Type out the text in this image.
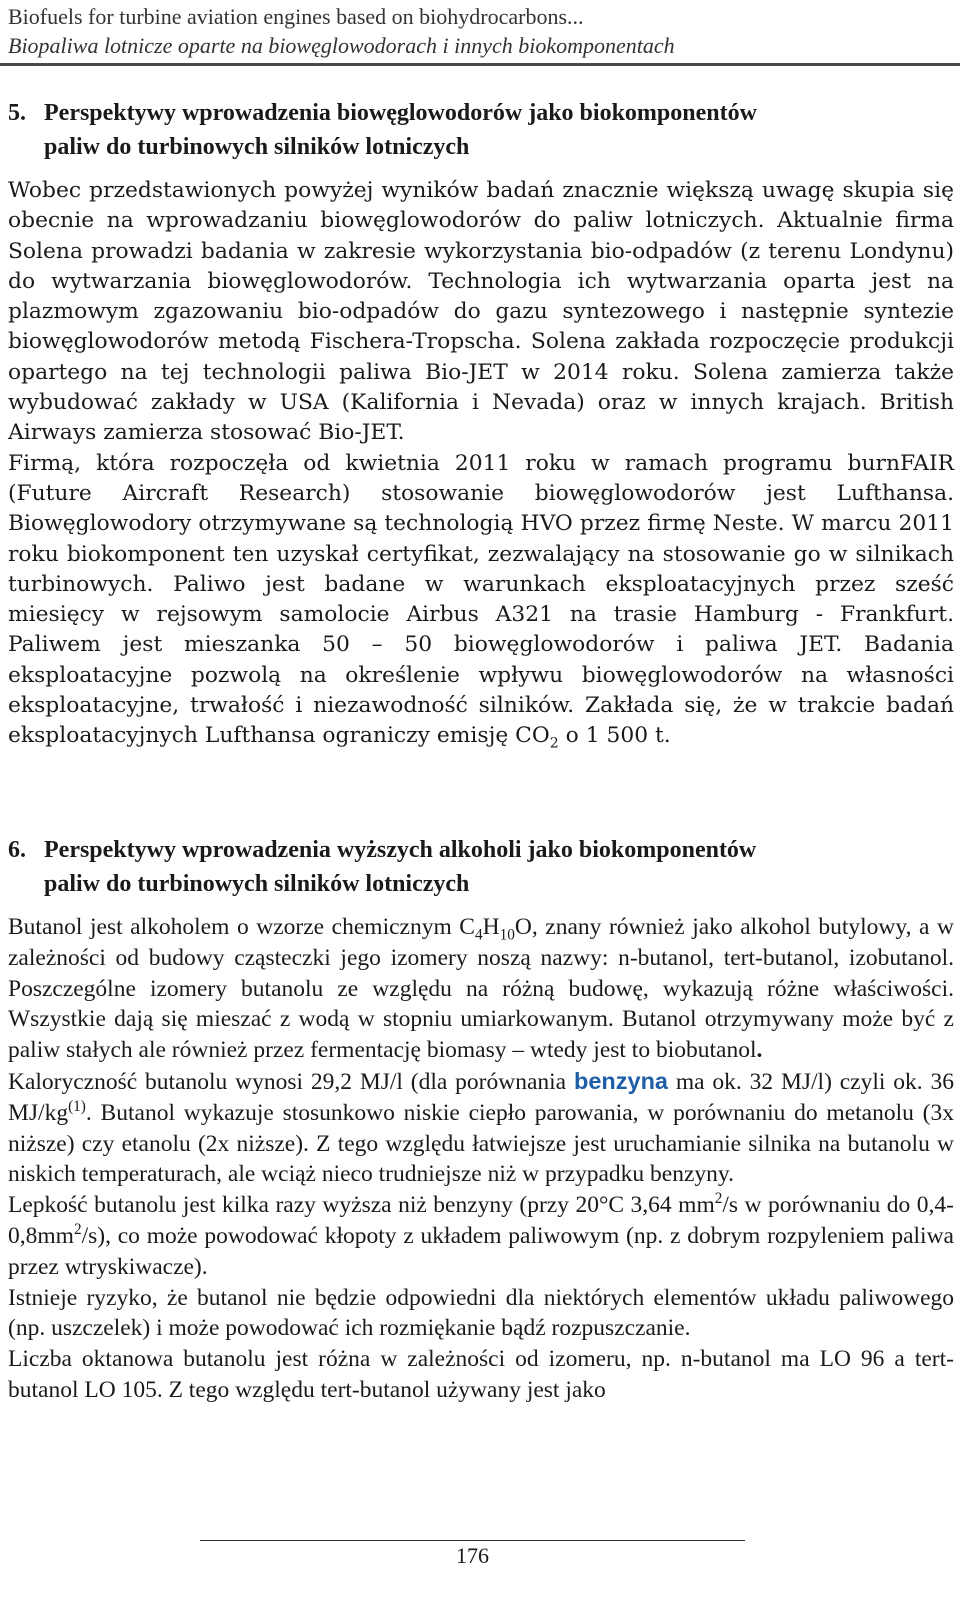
Biofuels for turbine aviation engines based on biohydrocarbons...
Biopaliwa lotnicze oparte na biowęglowodorach i innych biokomponentach
5. Perspektywy wprowadzenia biowęglowodorów jako biokomponentów
paliw do turbinowych silników lotniczych
Wobec przedstawionych powyżej wyników badań znacznie większą uwagę skupia się obecnie na wprowadzaniu biowęglowodorów do paliw lotniczych. Aktualnie firma Solena prowadzi badania w zakresie wykorzystania bio-odpadów (z terenu Londynu) do wytwarzania biowęglowodorów. Technologia ich wytwarzania oparta jest na plazmowym zgazowaniu bio-odpadów do gazu syntezowego i następnie syntezie biowęglowodorów metodą Fischera-Tropscha. Solena zakłada rozpoczęcie produkcji opartego na tej technologii paliwa Bio-JET w 2014 roku. Solena zamierza także wybudować zakłady w USA (Kalifornia i Nevada) oraz w innych krajach. British Airways zamierza stosować Bio-JET.
Firmą, która rozpoczęła od kwietnia 2011 roku w ramach programu burnFAIR (Future Aircraft Research) stosowanie biowęglowodorów jest Lufthansa. Biowęglowodory otrzymywane są technologią HVO przez firmę Neste. W marcu 2011 roku biokomponent ten uzyskał certyfikat, zezwalający na stosowanie go w silnikach turbinowych. Paliwo jest badane w warunkach eksploatacyjnych przez sześć miesięcy w rejsowym samolocie Airbus A321 na trasie Hamburg - Frankfurt. Paliwem jest mieszanka 50 – 50 biowęglowodorów i paliwa JET. Badania eksploatacyjne pozwolą na określenie wpływu biowęglowodorów na własności eksploatacyjne, trwałość i niezawodność silników. Zakłada się, że w trakcie badań eksploatacyjnych Lufthansa ograniczy emisję $CO_2$ o 1 500 t.
6. Perspektywy wprowadzenia wyższych alkoholi jako biokomponentów
paliw do turbinowych silników lotniczych
Butanol jest alkoholem o wzorze chemicznym $C_4H_{10}O$, znany również jako alkohol butylowy, a w zależności od budowy cząsteczki jego izomery noszą nazwy: n-butanol, tert-butanol, izobutanol. Poszczególne izomery butanolu ze względu na różną budowę, wykazują różne właściwości. Wszystkie dają się mieszać z wodą w stopniu umiarkowanym. Butanol otrzymywany może być z paliw stałych ale również przez fermentację biomasy – wtedy jest to biobutanol.
Kaloryczność butanolu wynosi 29,2 MJ/l (dla porównania benzyna ma ok. 32 MJ/l) czyli ok. 36 $MJ/kg^{(1)}$. Butanol wykazuje stosunkowo niskie ciepło parowania, w porównaniu do metanolu (3x niższe) czy etanolu (2x niższe). Z tego względu łatwiejsze jest uruchamianie silnika na butanolu w niskich temperaturach, ale wciąż nieco trudniejsze niż w przypadku benzyny.
Lepkość butanolu jest kilka razy wyższa niż benzyny (przy 20°C 3,64 $mm^2/s$ w porównaniu do $0,4-0,8mm^2/s$), co może powodować kłopoty z układem paliwowym (np. z dobrym rozpyleniem paliwa przez wtryskiwacze).
Istnieje ryzyko, że butanol nie będzie odpowiedni dla niektórych elementów układu paliwowego (np. uszczelek) i może powodować ich rozmiękanie bądź rozpuszczanie.
Liczba oktanowa butanolu jest różna w zależności od izomeru, np. n-butanol ma LO 96 a tert-butanol LO 105. Z tego względu tert-butanol używany jest jako
176
